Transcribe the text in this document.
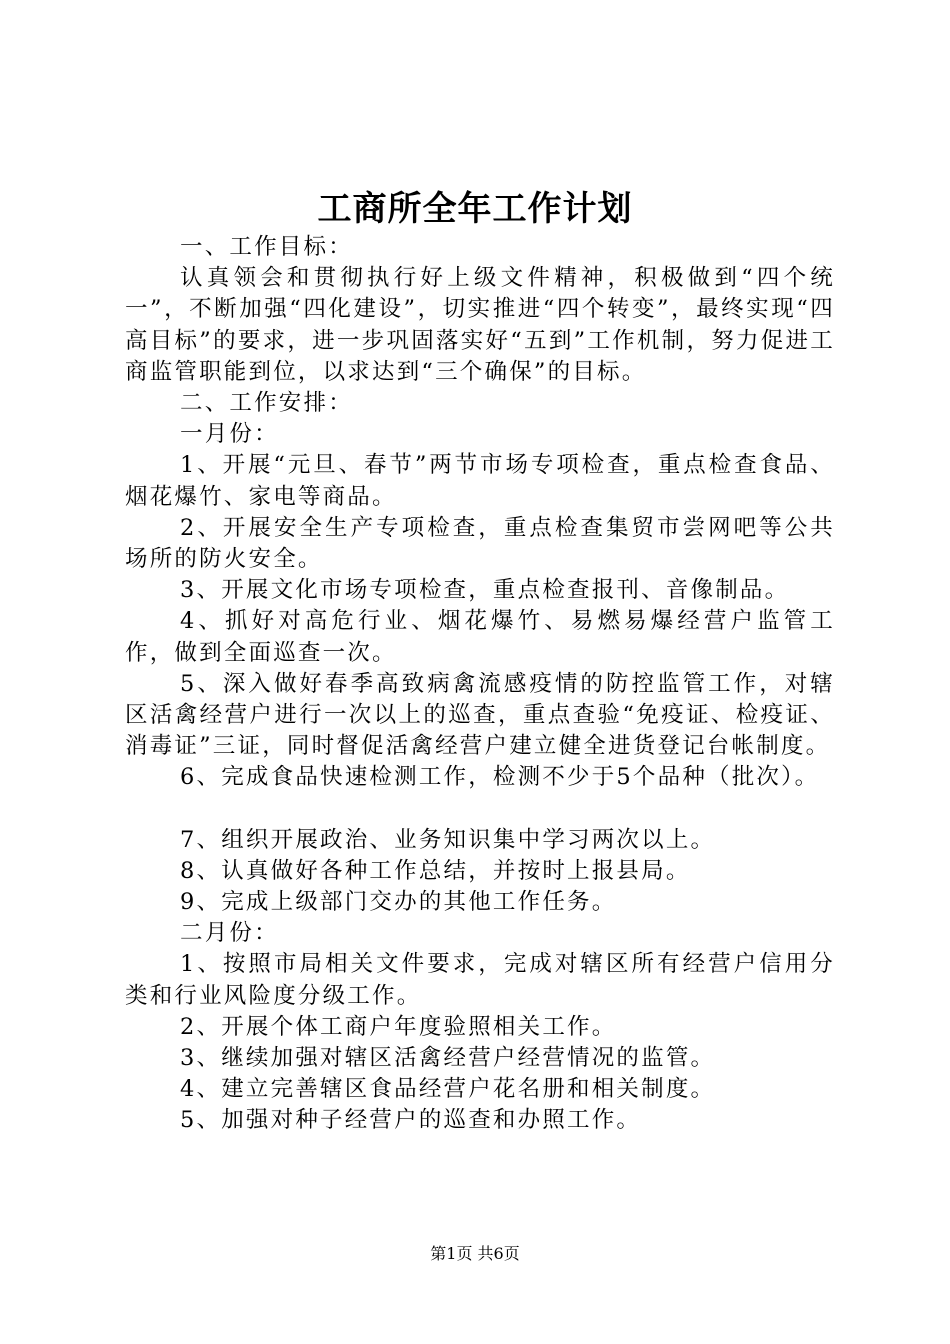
工商所全年工作计划

一、工作目标：

认真领会和贯彻执行好上级文件精神，积极做到“四个统一”，不断加强“四化建设”，切实推进“四个转变”，最终实现“四高目标”的要求，进一步巩固落实好“五到”工作机制，努力促进工商监管职能到位，以求达到“三个确保”的目标。

二、工作安排：

一月份：

1、开展“元旦、春节”两节市场专项检查，重点检查食品、烟花爆竹、家电等商品。

2、开展安全生产专项检查，重点检查集贸市尝网吧等公共场所的防火安全。

3、开展文化市场专项检查，重点检查报刊、音像制品。

4、抓好对高危行业、烟花爆竹、易燃易爆经营户监管工作，做到全面巡查一次。

5、深入做好春季高致病禽流感疫情的防控监管工作，对辖区活禽经营户进行一次以上的巡查，重点查验“免疫证、检疫证、消毒证”三证，同时督促活禽经营户建立健全进货登记台帐制度。

6、完成食品快速检测工作，检测不少于5个品种（批次）。

7、组织开展政治、业务知识集中学习两次以上。

8、认真做好各种工作总结，并按时上报县局。

9、完成上级部门交办的其他工作任务。

二月份：

1、按照市局相关文件要求，完成对辖区所有经营户信用分类和行业风险度分级工作。

2、开展个体工商户年度验照相关工作。

3、继续加强对辖区活禽经营户经营情况的监管。

4、建立完善辖区食品经营户花名册和相关制度。

5、加强对种子经营户的巡查和办照工作。

第1页 共6页
